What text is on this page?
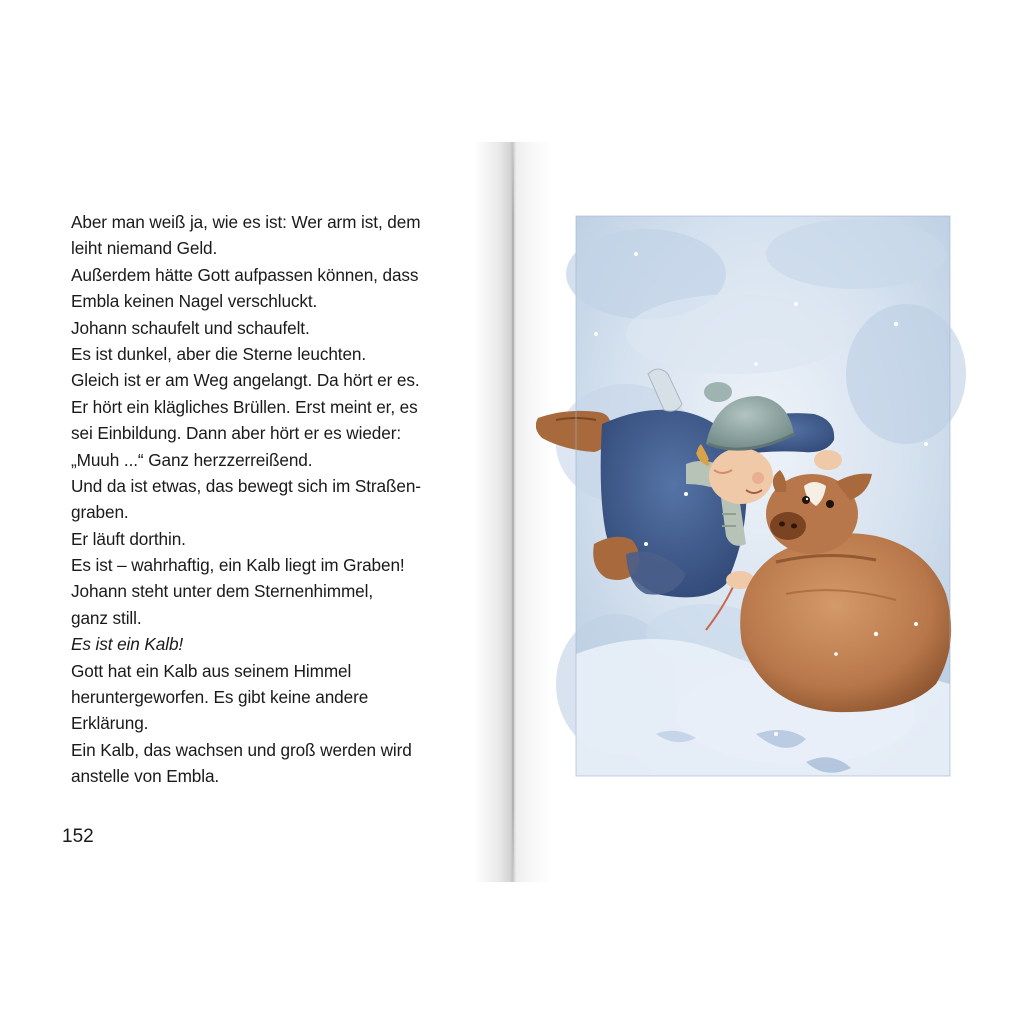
Aber man weiß ja, wie es ist: Wer arm ist, dem
leiht niemand Geld.
Außerdem hätte Gott aufpassen können, dass
Embla keinen Nagel verschluckt.
Johann schaufelt und schaufelt.
Es ist dunkel, aber die Sterne leuchten.
Gleich ist er am Weg angelangt. Da hört er es.
Er hört ein klägliches Brüllen. Erst meint er, es
sei Einbildung. Dann aber hört er es wieder:
„Muuh ...“ Ganz herzzerreißend.
Und da ist etwas, das bewegt sich im Straßen-
graben.
Er läuft dorthin.
Es ist – wahrhaftig, ein Kalb liegt im Graben!
Johann steht unter dem Sternenhimmel,
ganz still.
Es ist ein Kalb!
Gott hat ein Kalb aus seinem Himmel
heruntergeworfen. Es gibt keine andere
Erklärung.
Ein Kalb, das wachsen und groß werden wird
anstelle von Embla.
152
